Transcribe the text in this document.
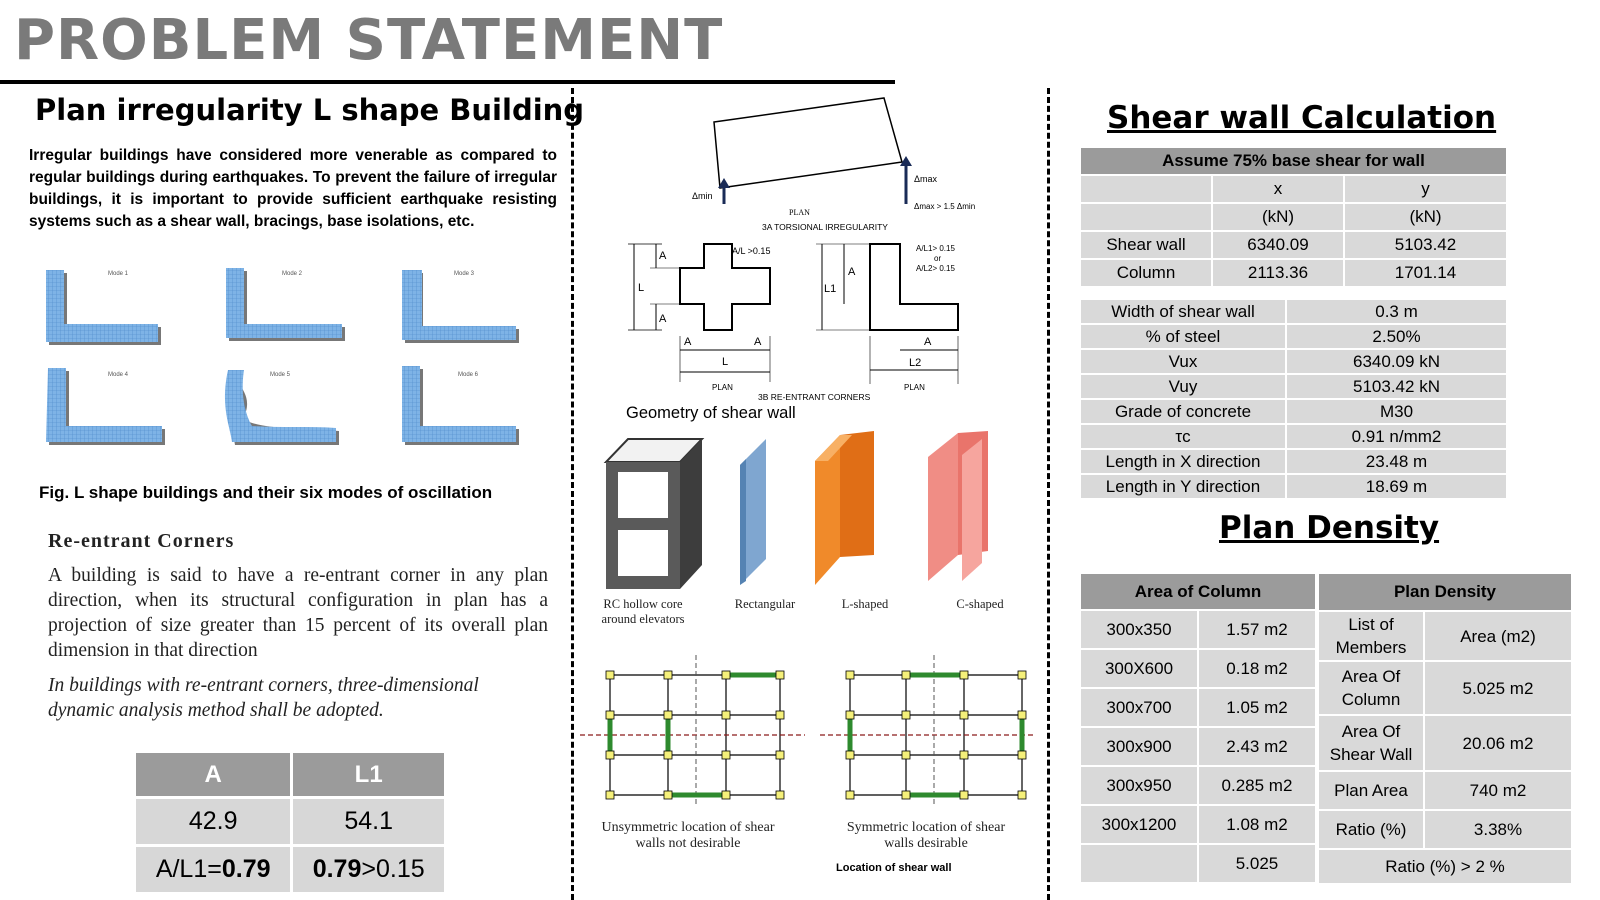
PROBLEM STATEMENT
Plan irregularity L shape Building
Irregular buildings have considered more venerable as compared to regular buildings during earthquakes. To prevent the failure of irregular buildings, it is important to provide sufficient earthquake resisting systems such as a shear wall, bracings, base isolations, etc.
Mode 1	Mode 2	Mode 3
Mode 4	Mode 5	Mode 6
Fig. L shape buildings and their six modes of oscillation
Re-entrant Corners
A building is said to have a re-entrant corner in any plan direction, when its structural configuration in plan has a projection of size greater than 15 percent of its overall plan dimension in that direction
In buildings with re-entrant corners, three-dimensional dynamic analysis method shall be adopted.
A	L1
42.9	54.1
A/L1=0.79	0.79>0.15
Δmin
Δmax
Δmax > 1.5 Δmin
PLAN
3A TORSIONAL IRREGULARITY
A
A
L
A/L >0.15
A	A
L
PLAN
L1
A
A/L1> 0.15
or
A/L2> 0.15
A
L2
PLAN
3B RE-ENTRANT CORNERS
Geometry of shear wall
RC hollow core around elevators
Rectangular	L-shaped	C-shaped
Unsymmetric location of shear walls not desirable
Symmetric location of shear walls desirable
Location of shear wall
Shear wall Calculation
Assume 75% base shear for wall		
	x	y
	(kN)	(kN)
Shear wall	6340.09	5103.42
Column	2113.36	1701.14
Width of shear wall	0.3 m
% of steel	2.50%
Vux	6340.09 kN
Vuy	5103.42 kN
Grade of concrete	M30
τc	0.91 n/mm2
Length in X direction	23.48 m
Length in Y direction	18.69 m
Plan Density
Area of Column	
300x350	1.57 m2
300X600	0.18 m2
300x700	1.05 m2
300x900	2.43 m2
300x950	0.285 m2
300x1200	1.08 m2
	5.025
Plan Density	
List of Members	Area (m2)
Area Of Column	5.025 m2
Area Of Shear Wall	20.06 m2
Plan Area	740 m2
Ratio (%)	3.38%
Ratio (%) > 2 %	
